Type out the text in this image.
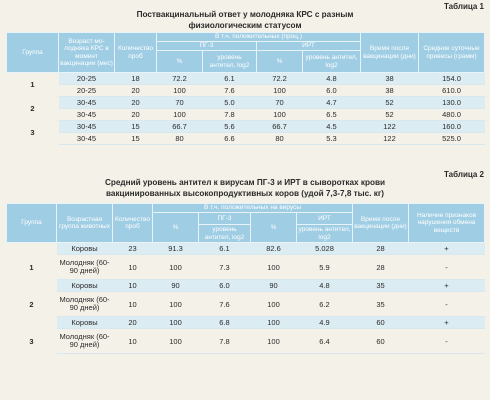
Таблица 1
Поствакцинальный ответ у молодняка КРС с разным
физиологическим статусом
Группа	Возраст мо-лодняка КРС в момент вакцинации (мес)	Количество проб	В т.ч. положительных (проц.)				Время после вакцинации (дни)	Средние суточные привесы (грамм)
			ПГ-3		ИРТ			
			%	уровень антител, log2	%	уровень антител, log2		
1	20-25	18	72.2	6.1	72.2	4.8	38	154.0
	20-25	20	100	7.6	100	6.0	38	610.0
2	30-45	20	70	5.0	70	4.7	52	130.0
	30-45	20	100	7.8	100	6.5	52	480.0
3	30-45	15	66.7	5.6	66.7	4.5	122	160.0
	30-45	15	80	6.6	80	5.3	122	525.0
Таблица 2
Средний уровень антител к вирусам ПГ-3 и ИРТ в сыворотках крови
вакцинированных высокопродуктивных коров (удой 7,3-7,8 тыс. кг)
Группа	Возрастная группа животных	Количество проб	В т.ч. положительных на вирусы				Время после вакцинации (дни)	Наличие признаков нарушения обмена веществ
			%	ПГ-3	%	ИРТ		
				уровень антител, log2		уровень антител, log2		
	Коровы	23	91.3	6.1	82.6	5.028	28	+
1	Молодняк (60-90 дней)	10	100	7.3	100	5.9	28	-
	Коровы	10	90	6.0	90	4.8	35	+
2	Молодняк (60-90 дней)	10	100	7.6	100	6.2	35	-
	Коровы	20	100	6.8	100	4.9	60	+
3	Молодняк (60-90 дней)	10	100	7.8	100	6.4	60	-
